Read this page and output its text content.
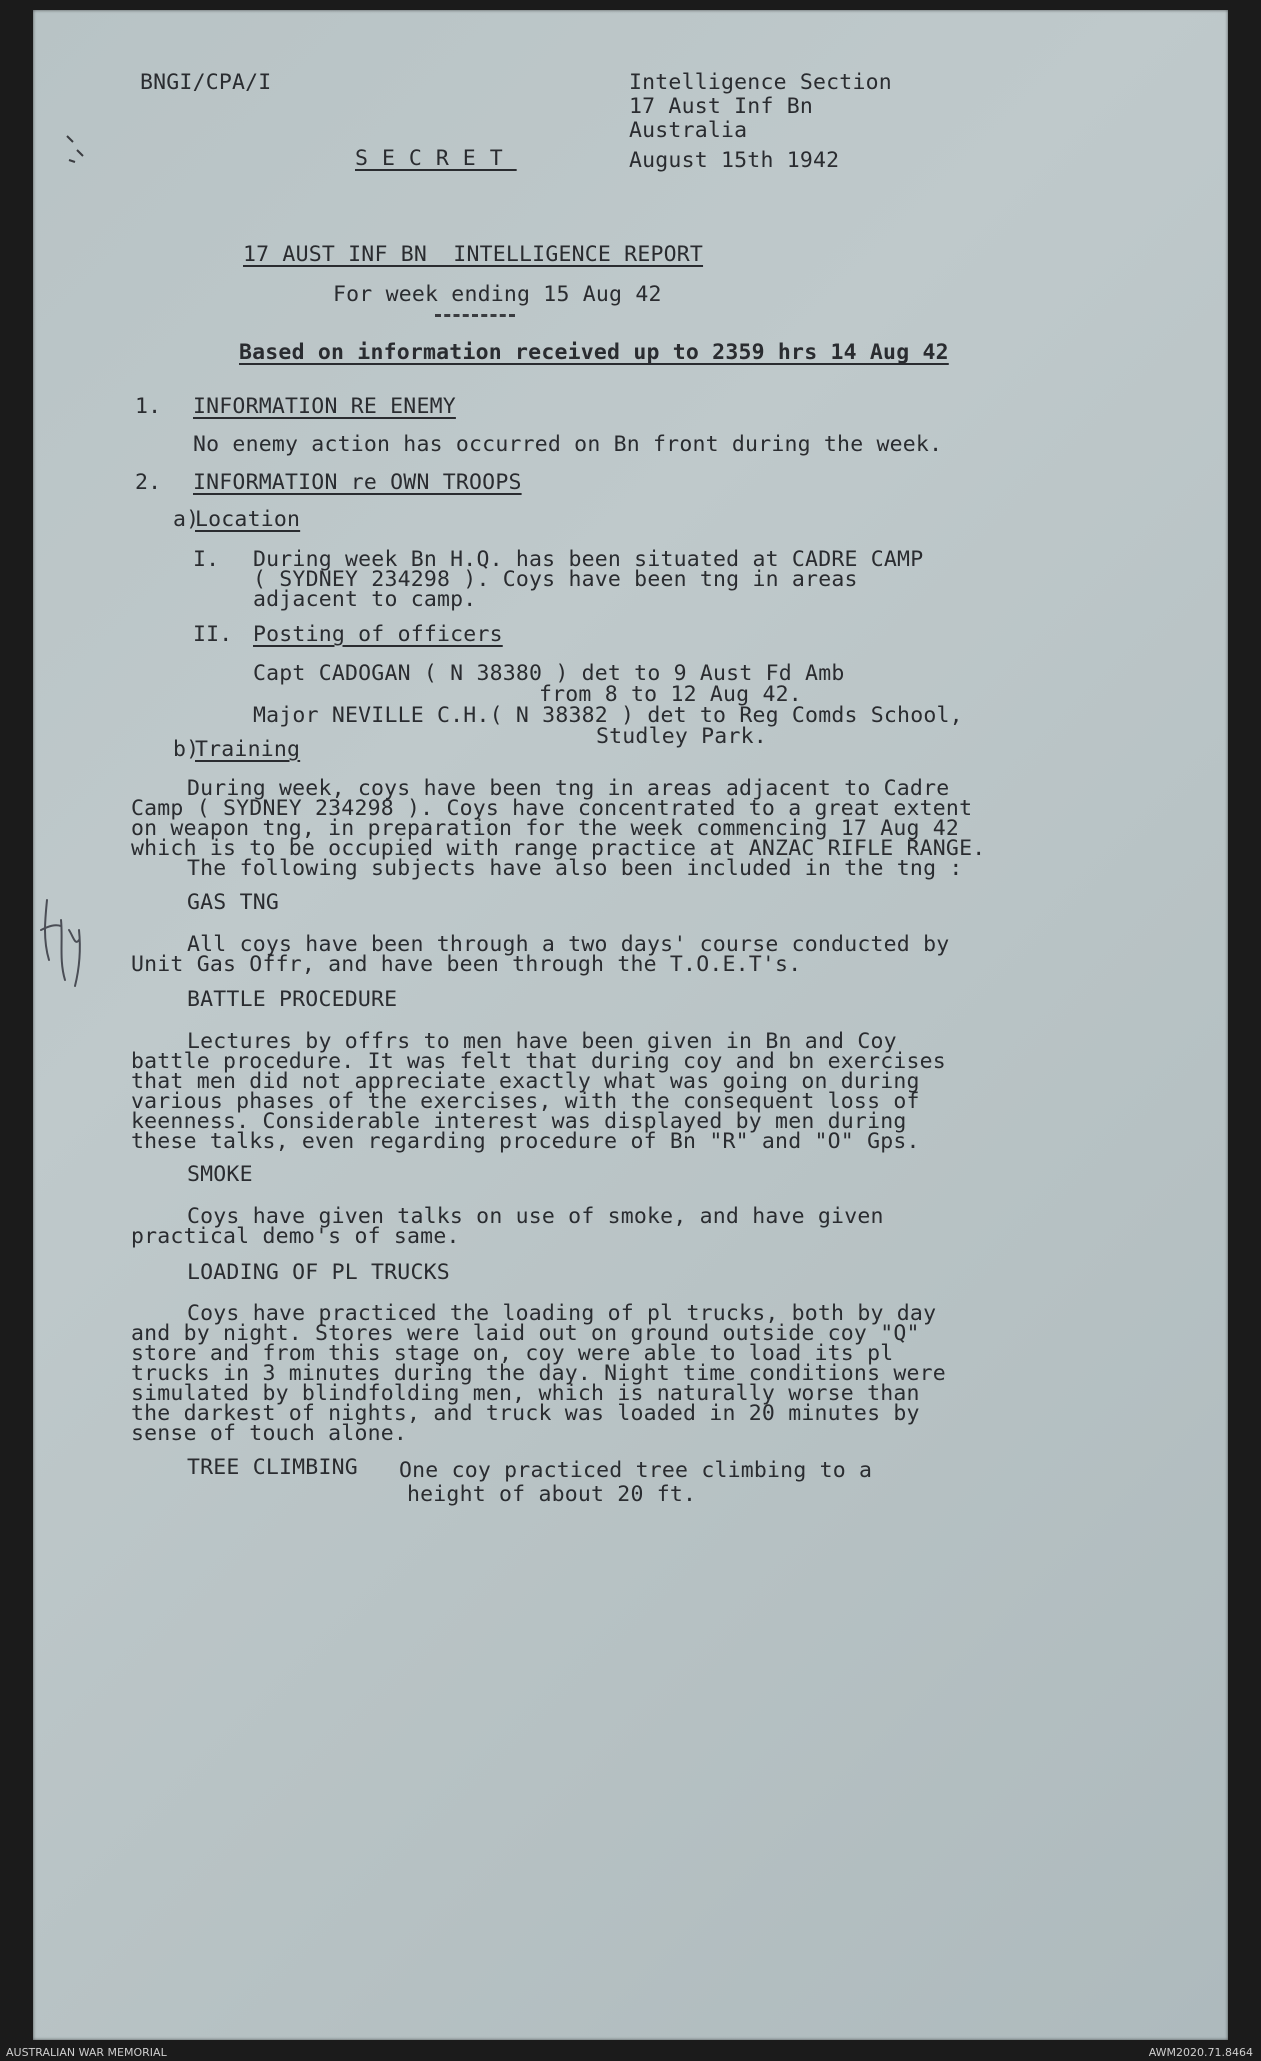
BNGI/CPA/I	Intelligence Section
17 Aust Inf Bn
Australia
August 15th 1942
SECRET
17 AUST INF BN  INTELLIGENCE REPORT
For week ending 15 Aug 42
Based on information received up to 2359 hrs 14 Aug 42
1. INFORMATION RE ENEMY
No enemy action has occurred on Bn front during the week.
2. INFORMATION re OWN TROOPS
a)
Location
I. During week Bn H.Q. has been situated at CADRE CAMP
( SYDNEY 234298 ). Coys have been tng in areas
adjacent to camp.
II. Posting of officers
Capt CADOGAN ( N 38380 ) det to 9 Aust Fd Amb
from 8 to 12 Aug 42.
Major NEVILLE C.H.( N 38382 ) det to Reg Comds School,
Studley Park.
b)
Training
During week, coys have been tng in areas adjacent to Cadre
Camp ( SYDNEY 234298 ). Coys have concentrated to a great extent
on weapon tng, in preparation for the week commencing 17 Aug 42
which is to be occupied with range practice at ANZAC RIFLE RANGE.
The following subjects have also been included in the tng :
GAS TNG
All coys have been through a two days' course conducted by
Unit Gas Offr, and have been through the T.O.E.T's.
BATTLE PROCEDURE
Lectures by offrs to men have been given in Bn and Coy
battle procedure. It was felt that during coy and bn exercises
that men did not appreciate exactly what was going on during
various phases of the exercises, with the consequent loss of
keenness. Considerable interest was displayed by men during
these talks, even regarding procedure of Bn "R" and "O" Gps.
SMOKE
Coys have given talks on use of smoke, and have given
practical demo's of same.
LOADING OF PL TRUCKS
Coys have practiced the loading of pl trucks, both by day
and by night. Stores were laid out on ground outside coy "Q"
store and from this stage on, coy were able to load its pl
trucks in 3 minutes during the day. Night time conditions were
simulated by blindfolding men, which is naturally worse than
the darkest of nights, and truck was loaded in 20 minutes by
sense of touch alone.
TREE CLIMBING One coy practiced tree climbing to a
height of about 20 ft.
AUSTRALIAN WAR MEMORIAL	AWM2020.71.8464
